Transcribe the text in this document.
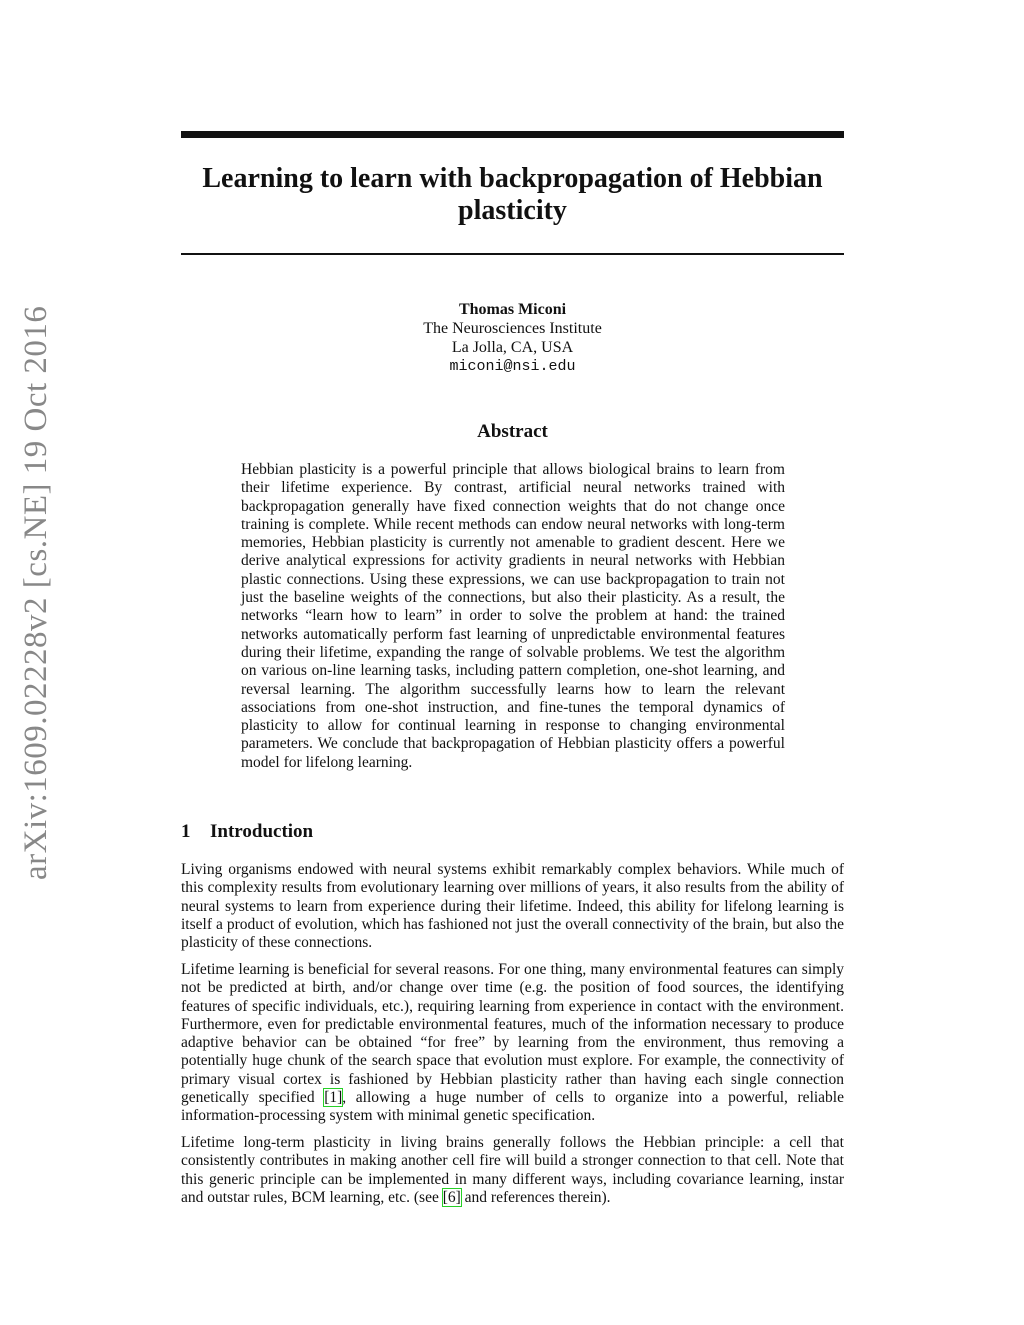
arXiv:1609.02228v2 [cs.NE] 19 Oct 2016
Learning to learn with backpropagation of Hebbian plasticity
Thomas Miconi
The Neurosciences Institute
La Jolla, CA, USA
miconi@nsi.edu
Abstract
Hebbian plasticity is a powerful principle that allows biological brains to learn from their lifetime experience. By contrast, artificial neural networks trained with backpropagation generally have fixed connection weights that do not change once training is complete. While recent methods can endow neural networks with long-term memories, Hebbian plasticity is currently not amenable to gradient descent. Here we derive analytical expressions for activity gradients in neural networks with Hebbian plastic connections. Using these expressions, we can use backpropagation to train not just the baseline weights of the connections, but also their plasticity. As a result, the networks “learn how to learn” in order to solve the problem at hand: the trained networks automatically perform fast learning of unpredictable environmental features during their lifetime, expanding the range of solvable problems. We test the algorithm on various on-line learning tasks, including pattern completion, one-shot learning, and reversal learning. The algorithm successfully learns how to learn the relevant associations from one-shot instruction, and fine-tunes the temporal dynamics of plasticity to allow for continual learning in response to changing environmental parameters. We conclude that backpropagation of Hebbian plasticity offers a powerful model for lifelong learning.
1 Introduction

Living organisms endowed with neural systems exhibit remarkably complex behaviors. While much of this complexity results from evolutionary learning over millions of years, it also results from the ability of neural systems to learn from experience during their lifetime. Indeed, this ability for lifelong learning is itself a product of evolution, which has fashioned not just the overall connectivity of the brain, but also the plasticity of these connections.

Lifetime learning is beneficial for several reasons. For one thing, many environmental features can simply not be predicted at birth, and/or change over time (e.g. the position of food sources, the identifying features of specific individuals, etc.), requiring learning from experience in contact with the environment. Furthermore, even for predictable environmental features, much of the information necessary to produce adaptive behavior can be obtained “for free” by learning from the environment, thus removing a potentially huge chunk of the search space that evolution must explore. For example, the connectivity of primary visual cortex is fashioned by Hebbian plasticity rather than having each single connection genetically specified [1], allowing a huge number of cells to organize into a powerful, reliable information-processing system with minimal genetic specification.

Lifetime long-term plasticity in living brains generally follows the Hebbian principle: a cell that consistently contributes in making another cell fire will build a stronger connection to that cell. Note that this generic principle can be implemented in many different ways, including covariance learning, instar and outstar rules, BCM learning, etc. (see [6] and references therein).
